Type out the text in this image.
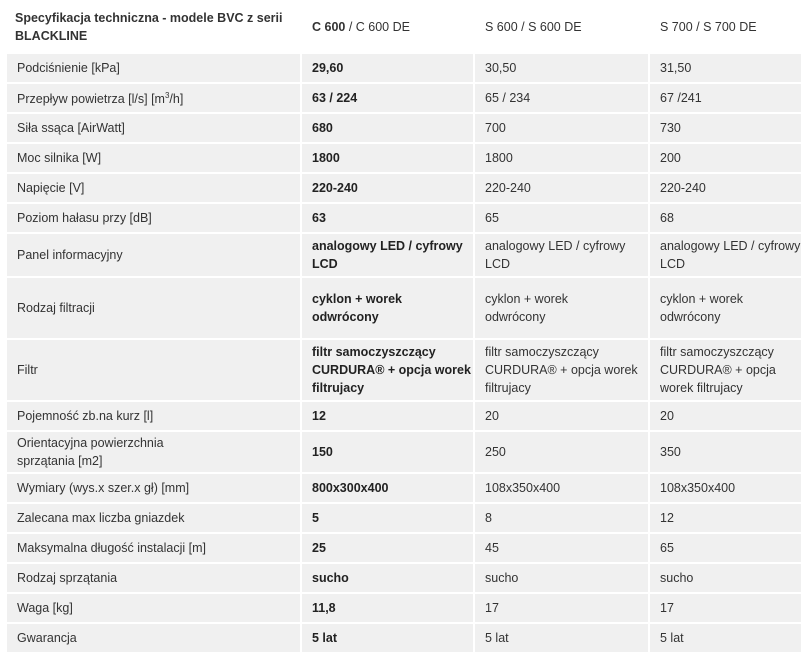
Specyfikacja techniczna - modele BVC z serii BLACKLINE	C 600 / C 600 DE	S 600 / S 600 DE	S 700 / S 700 DE
Podciśnienie [kPa]	29,60	30,50	31,50
Przepływ powietrza [l/s] $[m^3/h]$	63 / 224	65 / 234	67 /241
Siła ssąca [AirWatt]	680	700	730
Moc silnika [W]	1800	1800	200
Napięcie [V]	220-240	220-240	220-240
Poziom hałasu przy [dB]	63	65	68
Panel informacyjny	analogowy LED / cyfrowy LCD	analogowy LED / cyfrowy LCD	analogowy LED / cyfrowy LCD
Rodzaj filtracji	cyklon + worek odwrócony	cyklon + worek odwrócony	cyklon + worek odwrócony
Filtr	filtr samoczyszczący CURDURA® + opcja worek filtrujacy	filtr samoczyszczący CURDURA® + opcja worek filtrujacy	filtr samoczyszczący CURDURA® + opcja worek filtrujacy
Pojemność zb.na kurz [l]	12	20	20
Orientacyjna powierzchnia sprzątania [m2]	150	250	350
Wymiary (wys.x szer.x gł) [mm]	800x300x400	108x350x400	108x350x400
Zalecana max liczba gniazdek	5	8	12
Maksymalna długość instalacji [m]	25	45	65
Rodzaj sprzątania	sucho	sucho	sucho
Waga [kg]	11,8	17	17
Gwarancja	5 lat	5 lat	5 lat
